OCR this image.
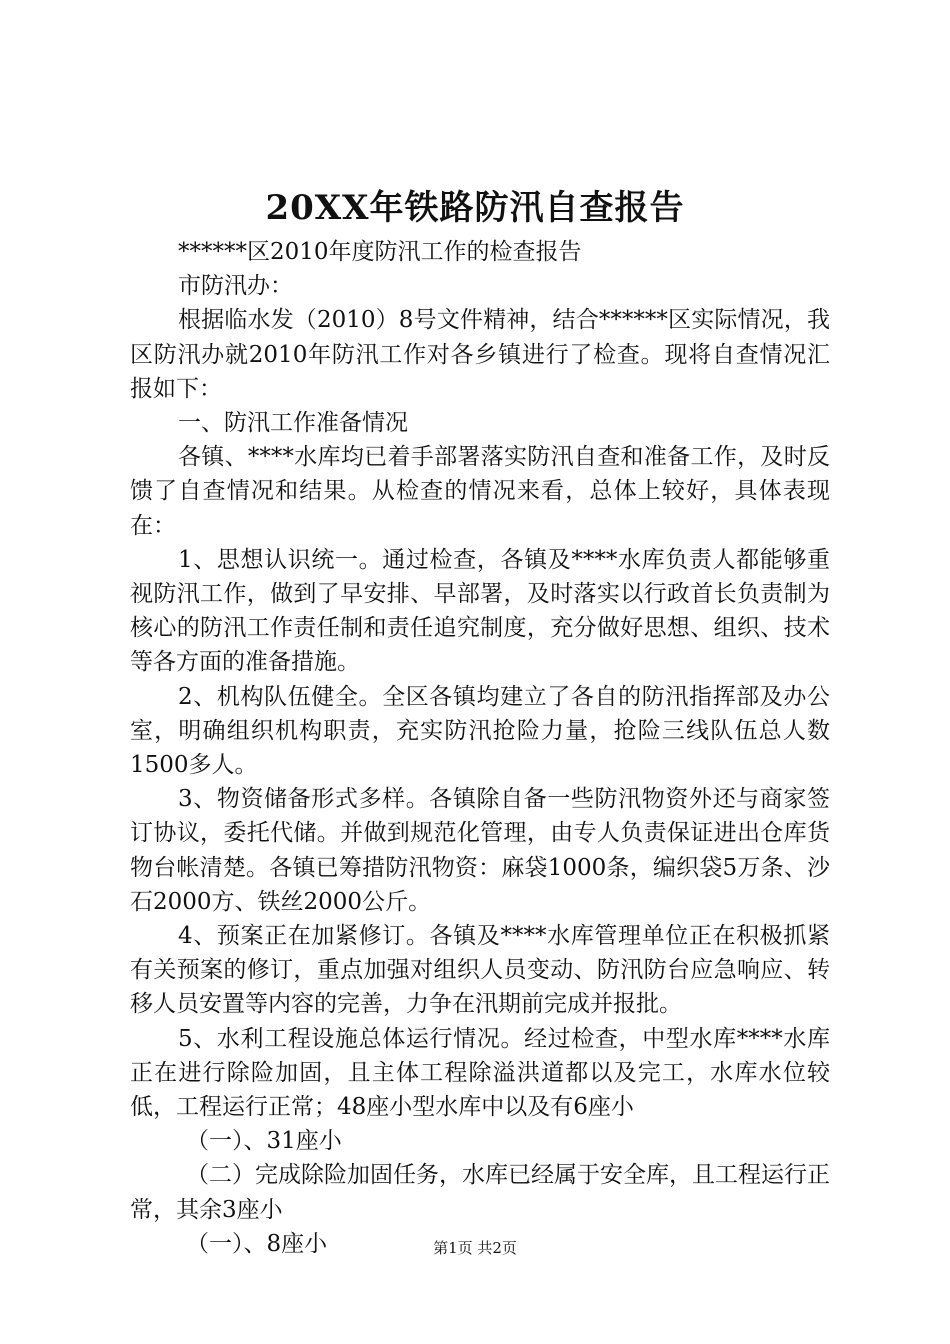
20XX年铁路防汛自查报告

******区2010年度防汛工作的检查报告

市防汛办：

根据临水发（2010）8号文件精神，结合******区实际情况，我区防汛办就2010年防汛工作对各乡镇进行了检查。现将自查情况汇报如下：

一、防汛工作准备情况

各镇、****水库均已着手部署落实防汛自查和准备工作，及时反馈了自查情况和结果。从检查的情况来看，总体上较好，具体表现在：

1、思想认识统一。通过检查，各镇及****水库负责人都能够重视防汛工作，做到了早安排、早部署，及时落实以行政首长负责制为核心的防汛工作责任制和责任追究制度，充分做好思想、组织、技术等各方面的准备措施。

2、机构队伍健全。全区各镇均建立了各自的防汛指挥部及办公室，明确组织机构职责，充实防汛抢险力量，抢险三线队伍总人数1500多人。

3、物资储备形式多样。各镇除自备一些防汛物资外还与商家签订协议，委托代储。并做到规范化管理，由专人负责保证进出仓库货物台帐清楚。各镇已筹措防汛物资：麻袋1000条，编织袋5万条、沙石2000方、铁丝2000公斤。

4、预案正在加紧修订。各镇及****水库管理单位正在积极抓紧有关预案的修订，重点加强对组织人员变动、防汛防台应急响应、转移人员安置等内容的完善，力争在汛期前完成并报批。

5、水利工程设施总体运行情况。经过检查，中型水库****水库正在进行除险加固，且主体工程除溢洪道都以及完工，水库水位较低，工程运行正常；48座小型水库中以及有6座小

（一）、31座小

（二）完成除险加固任务，水库已经属于安全库，且工程运行正常，其余3座小

（一）、8座小	第1页 共2页
